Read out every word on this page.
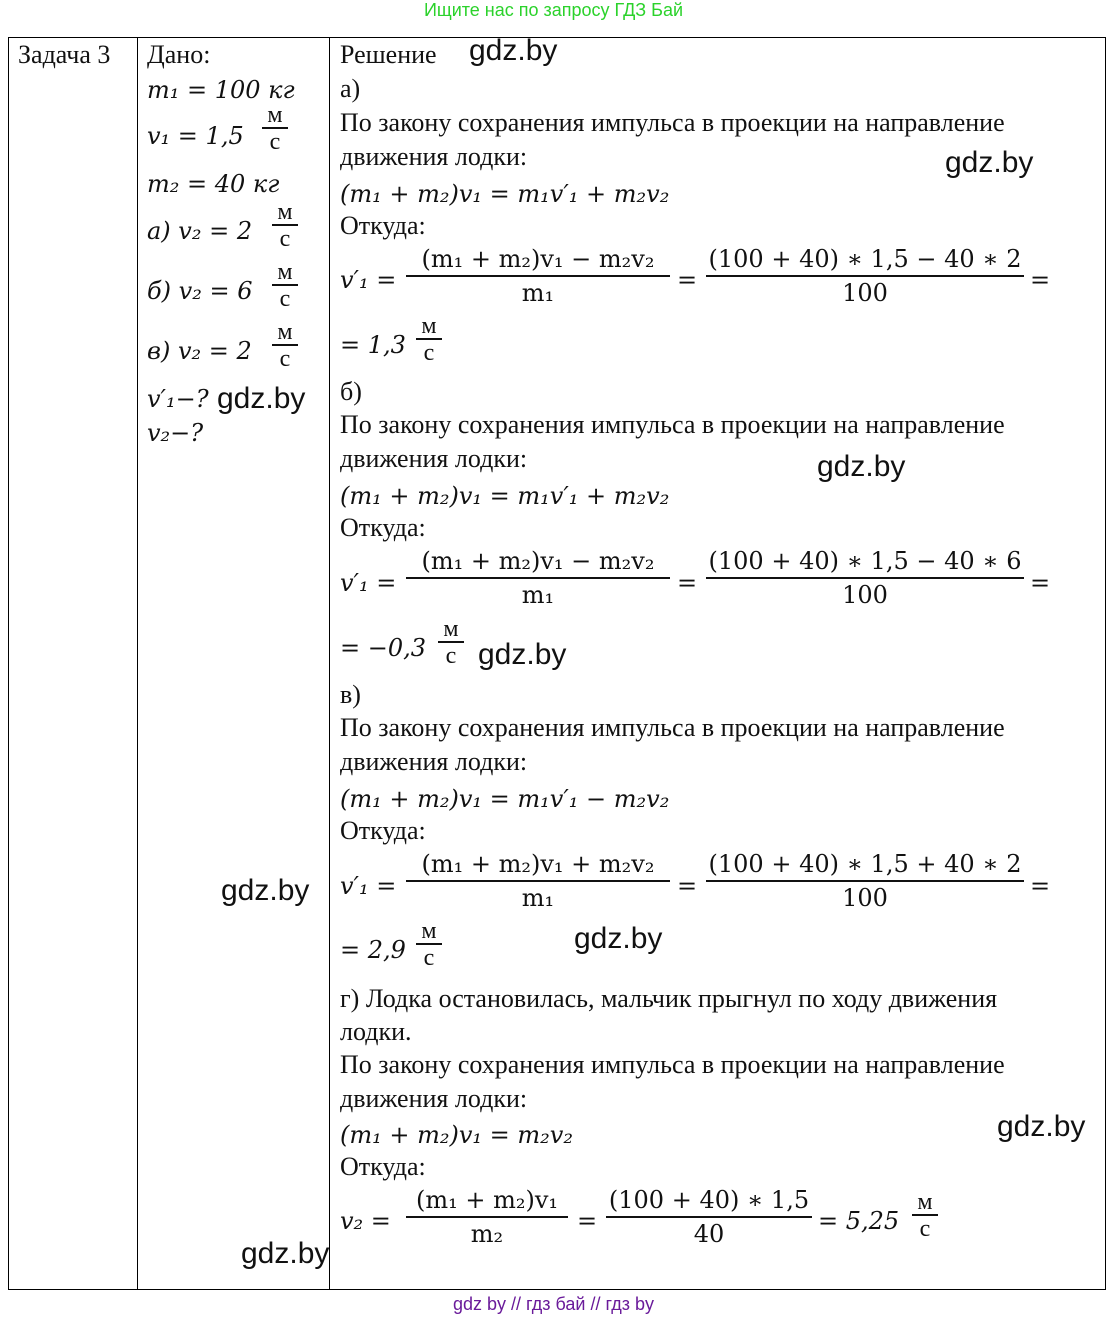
Ищите нас по запросу ГДЗ Бай
Задача 3 Дано:
m₁ = 100 кг
v₁ = 1,5
м
с
m₂ = 40 кг
а) v₂ = 2
м
с
б) v₂ = 6
м
с
в) v₂ = 2
м
с
v′₁−?
v₂−?
Решение
а)
По закону сохранения импульса в проекции на направление
движения лодки:
(m₁ + m₂)v₁ = m₁v′₁ + m₂v₂
Откуда:
$v'_1 = \frac{\text{(m₁ + m₂)v₁ − m₂v₂}}{\text{m₁}} = \frac{(100 + 40) ∗ 1,5 - 40 ∗ 2}{100}$ =
= 1,3
м
с
б)
По закону сохранения импульса в проекции на направление
движения лодки:
(m₁ + m₂)v₁ = m₁v′₁ + m₂v₂
Откуда:
$v'_1 = \frac{\text{(m₁ + m₂)v₁ − m₂v₂}}{\text{m₁}} = \frac{(100 + 40) ∗ 1,5 - 40 ∗ 6}{100}$ =
= −0,3
м
с
в)
По закону сохранения импульса в проекции на направление
движения лодки:
(m₁ + m₂)v₁ = m₁v′₁ − m₂v₂
Откуда:
$v'_1 = \frac{\text{(m₁ + m₂)v₁ + m₂v₂}}{\text{m₁}} = \frac{(100 + 40) ∗ 1,5 + 40 ∗ 2}{100}$ =
= 2,9
м
с
г) Лодка остановилась, мальчик прыгнул по ходу движения
лодки.
По закону сохранения импульса в проекции на направление
движения лодки:
(m₁ + m₂)v₁ = m₂v₂
Откуда:
$v_2 = \frac{\text{(m₁ + m₂)v₁}}{\text{m₂}} = \frac{(100 + 40) ∗ 1,5}{40} = 5,25$
м
с
gdz.by
gdz.by
gdz.by
gdz.by
gdz.by
gdz.by
gdz.by
gdz.by
gdz.by
gdz by // гдз бай // гдз by
